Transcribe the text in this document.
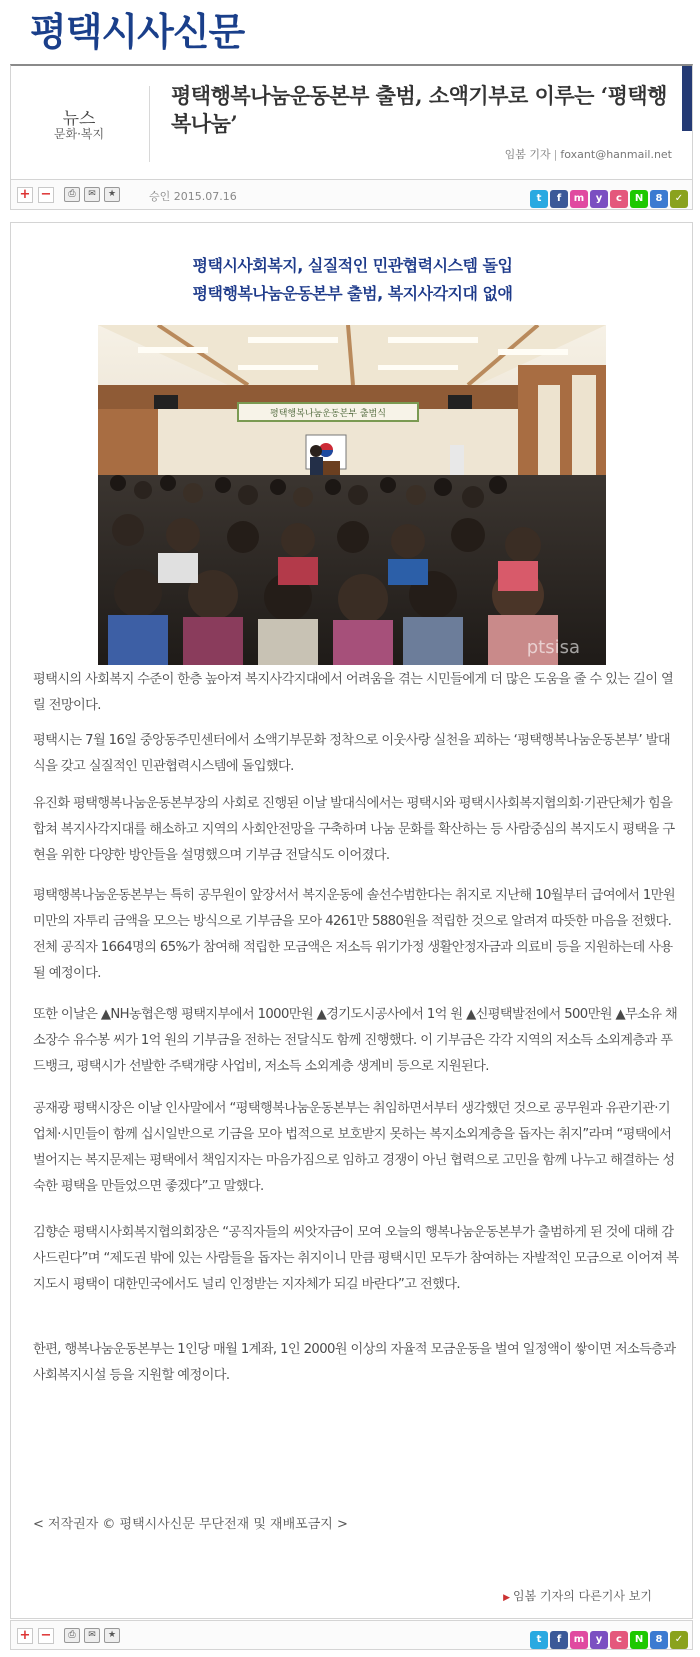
평택시사신문
뉴스
문화·복지
평택행복나눔운동본부 출범, 소액기부로 이루는 ‘평택행복나눔’
임봄 기자 | foxant@hanmail.net
+ −	⎙	✉	★	승인 2015.07.16	t f m y c N 8 ✓
평택시사회복지, 실질적인 민관협력시스템 돌입
평택행복나눔운동본부 출범, 복지사각지대 없애
평택행복나눔운동본부 출범식
ptsisa
평택시의 사회복지 수준이 한층 높아져 복지사각지대에서 어려움을 겪는 시민들에게 더 많은 도움을 줄 수 있는 길이 열릴 전망이다.
평택시는 7월 16일 중앙동주민센터에서 소액기부문화 정착으로 이웃사랑 실천을 꾀하는 ‘평택행복나눔운동본부’ 발대식을 갖고 실질적인 민관협력시스템에 돌입했다.
유진화 평택행복나눔운동본부장의 사회로 진행된 이날 발대식에서는 평택시와 평택시사회복지협의회·기관단체가 힘을 합쳐 복지사각지대를 해소하고 지역의 사회안전망을 구축하며 나눔 문화를 확산하는 등 사람중심의 복지도시 평택을 구현을 위한 다양한 방안들을 설명했으며 기부금 전달식도 이어졌다.
평택행복나눔운동본부는 특히 공무원이 앞장서서 복지운동에 솔선수범한다는 취지로 지난해 10월부터 급여에서 1만원 미만의 자투리 금액을 모으는 방식으로 기부금을 모아 4261만 5880원을 적립한 것으로 알려져 따뜻한 마음을 전했다. 전체 공직자 1664명의 65%가 참여해 적립한 모금액은 저소득 위기가정 생활안정자금과 의료비 등을 지원하는데 사용될 예정이다.
또한 이날은 ▲NH농협은행 평택지부에서 1000만원 ▲경기도시공사에서 1억 원 ▲신평택발전에서 500만원 ▲무소유 채소장수 유수봉 씨가 1억 원의 기부금을 전하는 전달식도 함께 진행했다. 이 기부금은 각각 지역의 저소득 소외계층과 푸드뱅크, 평택시가 선발한 주택개량 사업비, 저소득 소외계층 생계비 등으로 지원된다.
공재광 평택시장은 이날 인사말에서 “평택행복나눔운동본부는 취임하면서부터 생각했던 것으로 공무원과 유관기관·기업체·시민들이 함께 십시일반으로 기금을 모아 법적으로 보호받지 못하는 복지소외계층을 돕자는 취지”라며 “평택에서 벌어지는 복지문제는 평택에서 책임지자는 마음가짐으로 임하고 경쟁이 아닌 협력으로 고민을 함께 나누고 해결하는 성숙한 평택을 만들었으면 좋겠다”고 말했다.
김향순 평택시사회복지협의회장은 “공직자들의 씨앗자금이 모여 오늘의 행복나눔운동본부가 출범하게 된 것에 대해 감사드린다”며 “제도권 밖에 있는 사람들을 돕자는 취지이니 만큼 평택시민 모두가 참여하는 자발적인 모금으로 이어져 복지도시 평택이 대한민국에서도 널리 인정받는 지자체가 되길 바란다”고 전했다.
한편, 행복나눔운동본부는 1인당 매월 1계좌, 1인 2000원 이상의 자율적 모금운동을 벌여 일정액이 쌓이면 저소득층과 사회복지시설 등을 지원할 예정이다.
< 저작권자 © 평택시사신문 무단전재 및 재배포금지 >
▶ 임봄 기자의 다른기사 보기
+ −	⎙	✉	★	t f m y c N 8 ✓
